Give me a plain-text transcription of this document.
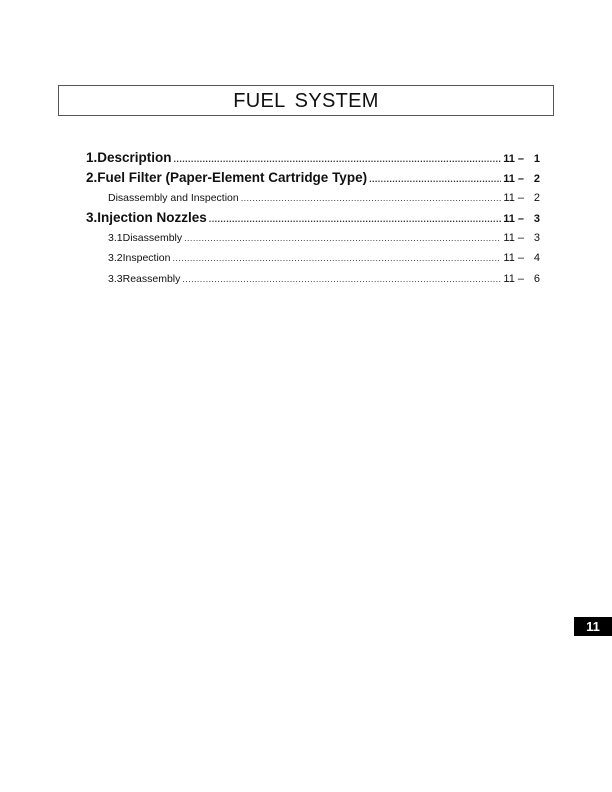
FUEL SYSTEM
1. Description .....	11 – 1
2. Fuel Filter (Paper-Element Cartridge Type) .....	11 – 2
Disassembly and Inspection .....	11 – 2
3. Injection Nozzles .....	11 – 3
3.1 Disassembly .....	11 – 3
3.2 Inspection .....	11 – 4
3.3 Reassembly .....	11 – 6
11
